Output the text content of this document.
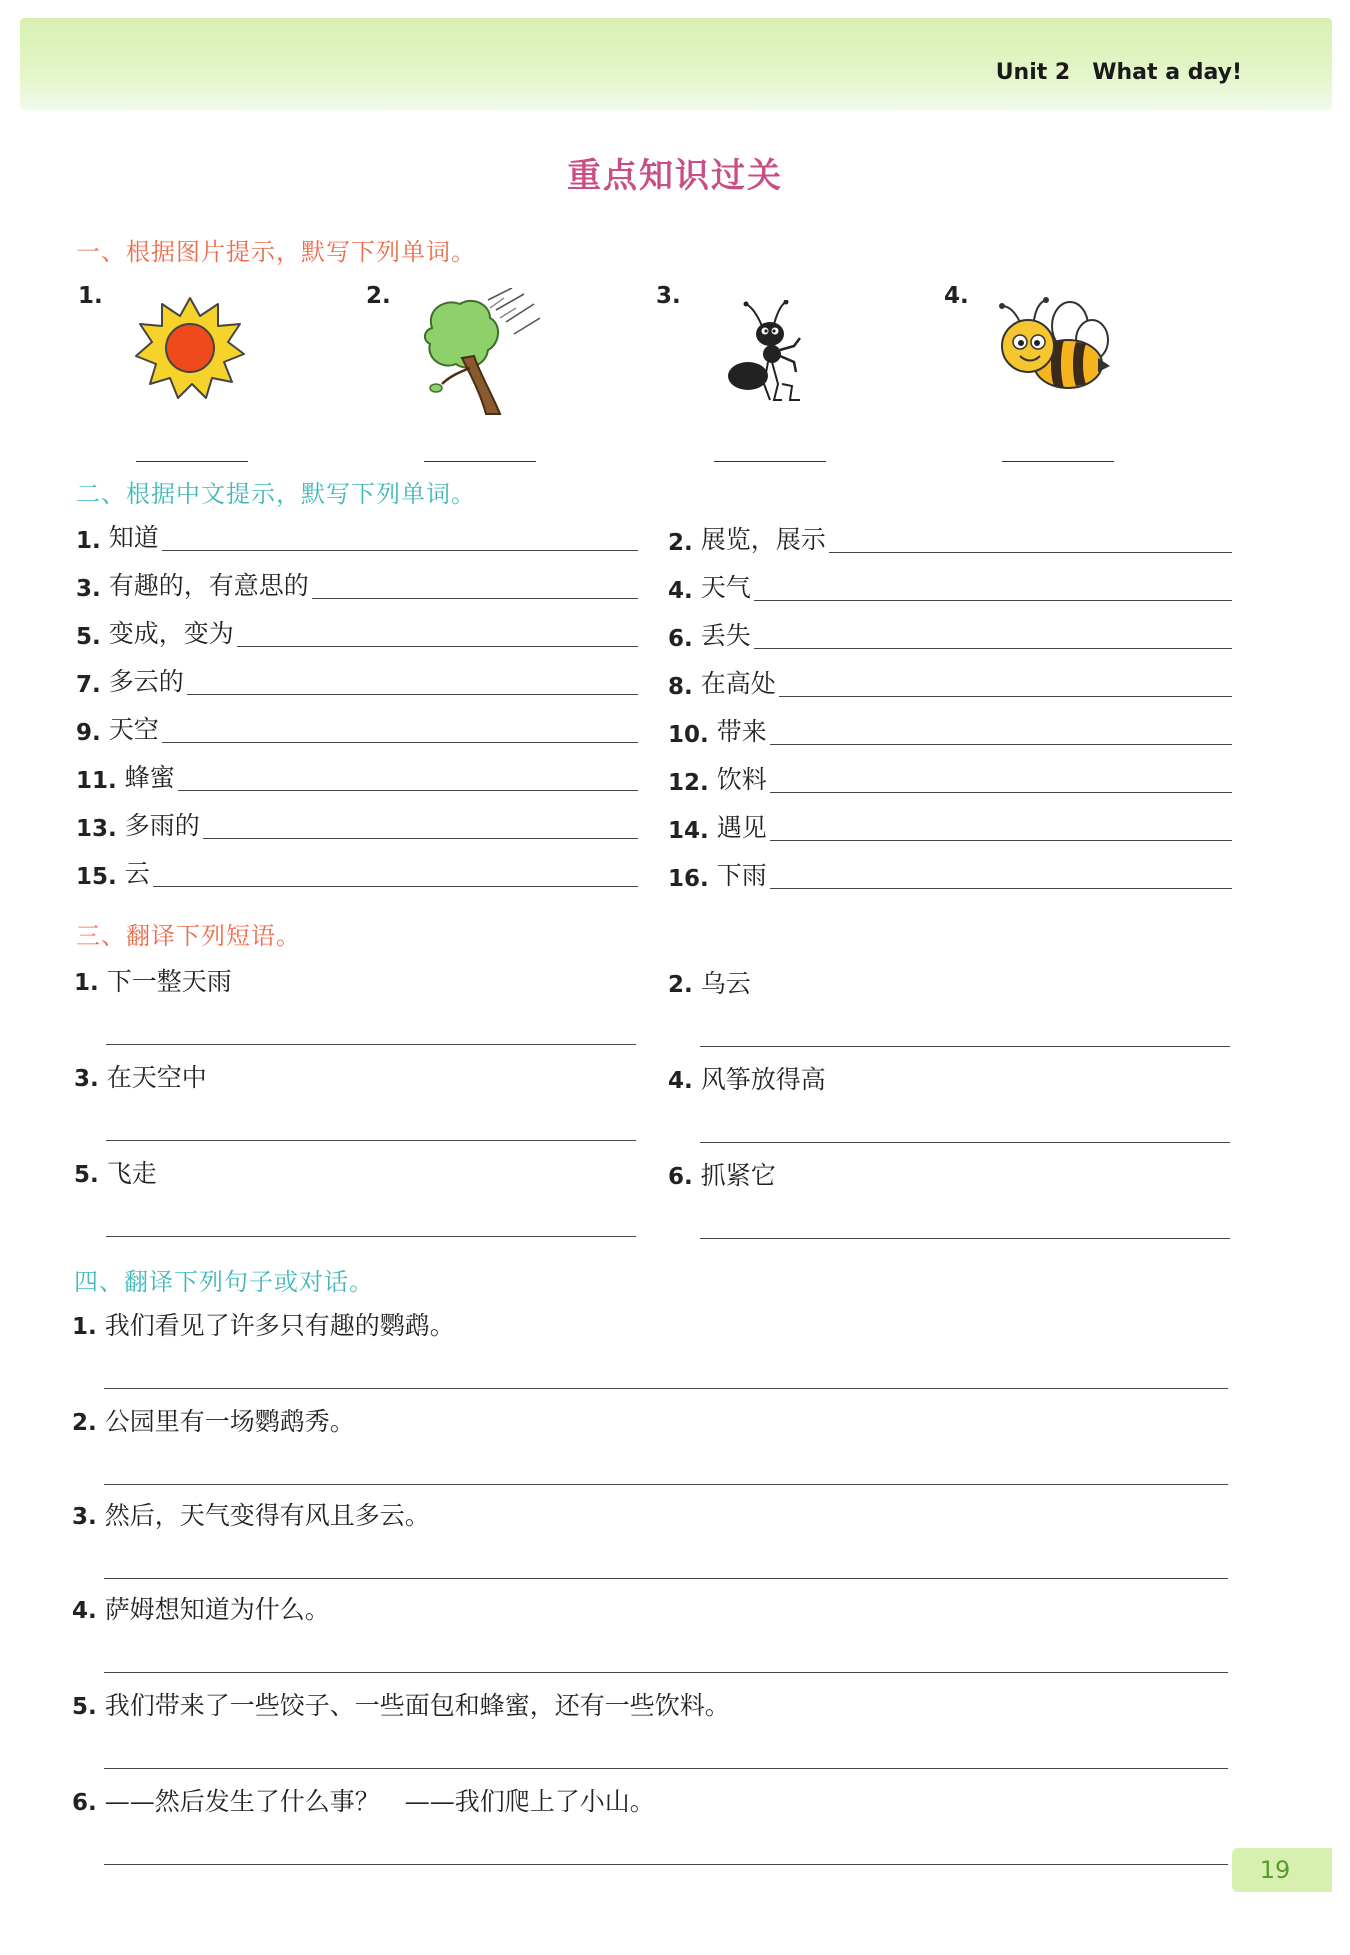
Unit 2 What a day!
重点知识过关
一、根据图片提示，默写下列单词。
1.	2.	3.	4.
二、根据中文提示，默写下列单词。
1. 知道	2. 展览，展示
3. 有趣的，有意思的	4. 天气
5. 变成，变为	6. 丢失
7. 多云的	8. 在高处
9. 天空	10. 带来
11. 蜂蜜	12. 饮料
13. 多雨的	14. 遇见
15. 云	16. 下雨
三、翻译下列短语。
1. 下一整天雨	2. 乌云
3. 在天空中	4. 风筝放得高
5. 飞走	6. 抓紧它
四、翻译下列句子或对话。
1. 我们看见了许多只有趣的鹦鹉。
2. 公园里有一场鹦鹉秀。
3. 然后，天气变得有风且多云。
4. 萨姆想知道为什么。
5. 我们带来了一些饺子、一些面包和蜂蜜，还有一些饮料。
6. ——然后发生了什么事？　——我们爬上了小山。
19
